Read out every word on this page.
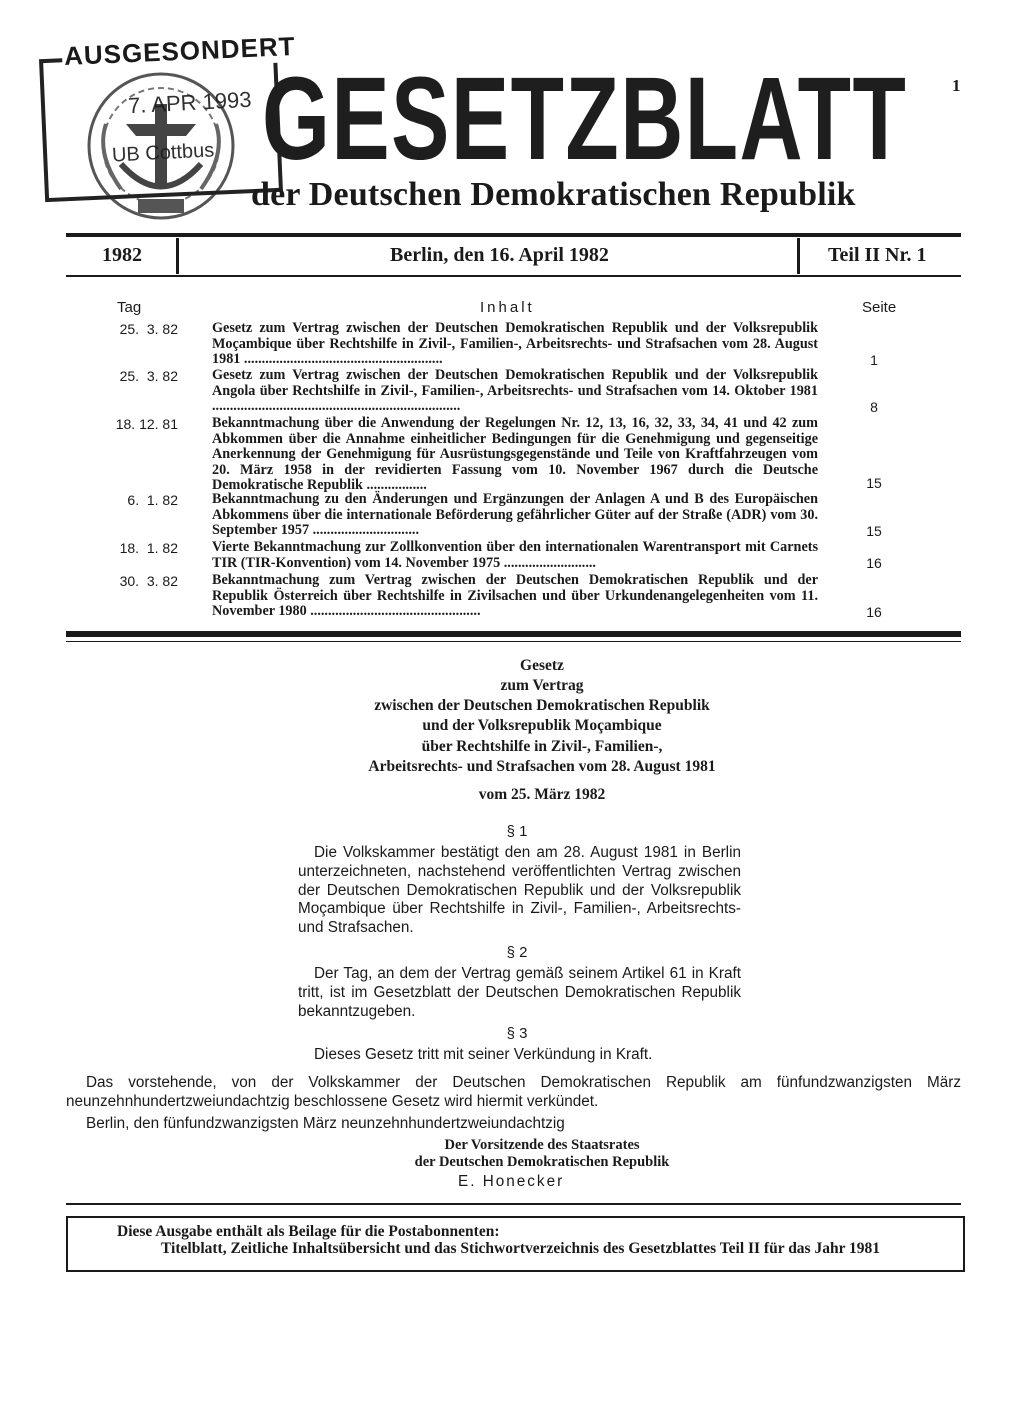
AUSGESONDERT
7. APR 1993
UB Cottbus GESETZBLATT
der Deutschen Demokratischen Republik
1
1982	Berlin, den 16. April 1982	Teil II Nr. 1
Tag	Inhalt	Seite
25.  3. 82 Gesetz zum Vertrag zwischen der Deutschen Demokratischen Republik und der Volksrepublik Moçambique über Rechtshilfe in Zivil-, Familien-, Arbeitsrechts- und Strafsachen vom 28. August 1981 ........................................................	1
25.  3. 82 Gesetz zum Vertrag zwischen der Deutschen Demokratischen Republik und der Volksrepublik Angola über Rechtshilfe in Zivil-, Familien-, Arbeitsrechts- und Strafsachen vom 14. Oktober 1981 ......................................................................	8
18. 12. 81 Bekanntmachung über die Anwendung der Regelungen Nr. 12, 13, 16, 32, 33, 34, 41 und 42 zum Abkommen über die Annahme einheitlicher Bedingungen für die Genehmigung und gegenseitige Anerkennung der Genehmigung für Ausrüstungsgegenstände und Teile von Kraftfahrzeugen vom 20. März 1958 in der revidierten Fassung vom 10. November 1967 durch die Deutsche Demokratische Republik .................	15
6.  1. 82 Bekanntmachung zu den Änderungen und Ergänzungen der Anlagen A und B des Europäischen Abkommens über die internationale Beförderung gefährlicher Güter auf der Straße (ADR) vom 30. September 1957 ..............................	15
18.  1. 82 Vierte Bekanntmachung zur Zollkonvention über den internationalen Warentransport mit Carnets TIR (TIR-Konvention) vom 14. November 1975 ..........................	16
30.  3. 82 Bekanntmachung zum Vertrag zwischen der Deutschen Demokratischen Republik und der Republik Österreich über Rechtshilfe in Zivilsachen und über Urkundenangelegenheiten vom 11. November 1980 ................................................	16
Gesetz
zum Vertrag
zwischen der Deutschen Demokratischen Republik
und der Volksrepublik Moçambique
über Rechtshilfe in Zivil-, Familien-,
Arbeitsrechts- und Strafsachen vom 28. August 1981
vom 25. März 1982
§ 1
Die Volkskammer bestätigt den am 28. August 1981 in Berlin unterzeichneten, nachstehend veröffentlichten Vertrag zwischen der Deutschen Demokratischen Republik und der Volksrepublik Moçambique über Rechtshilfe in Zivil-, Familien-, Arbeitsrechts- und Strafsachen.
§ 2
Der Tag, an dem der Vertrag gemäß seinem Artikel 61 in Kraft tritt, ist im Gesetzblatt der Deutschen Demokratischen Republik bekanntzugeben.
§ 3
Dieses Gesetz tritt mit seiner Verkündung in Kraft.
Das vorstehende, von der Volkskammer der Deutschen Demokratischen Republik am fünfundzwanzigsten März neunzehnhundertzweiundachtzig beschlossene Gesetz wird hiermit verkündet.
Berlin, den fünfundzwanzigsten März neunzehnhundertzweiundachtzig
Der Vorsitzende des Staatsrates
der Deutschen Demokratischen Republik
E. Honecker
Diese Ausgabe enthält als Beilage für die Postabonnenten:
Titelblatt, Zeitliche Inhaltsübersicht und das Stichwortverzeichnis des Gesetzblattes Teil II für das Jahr 1981
